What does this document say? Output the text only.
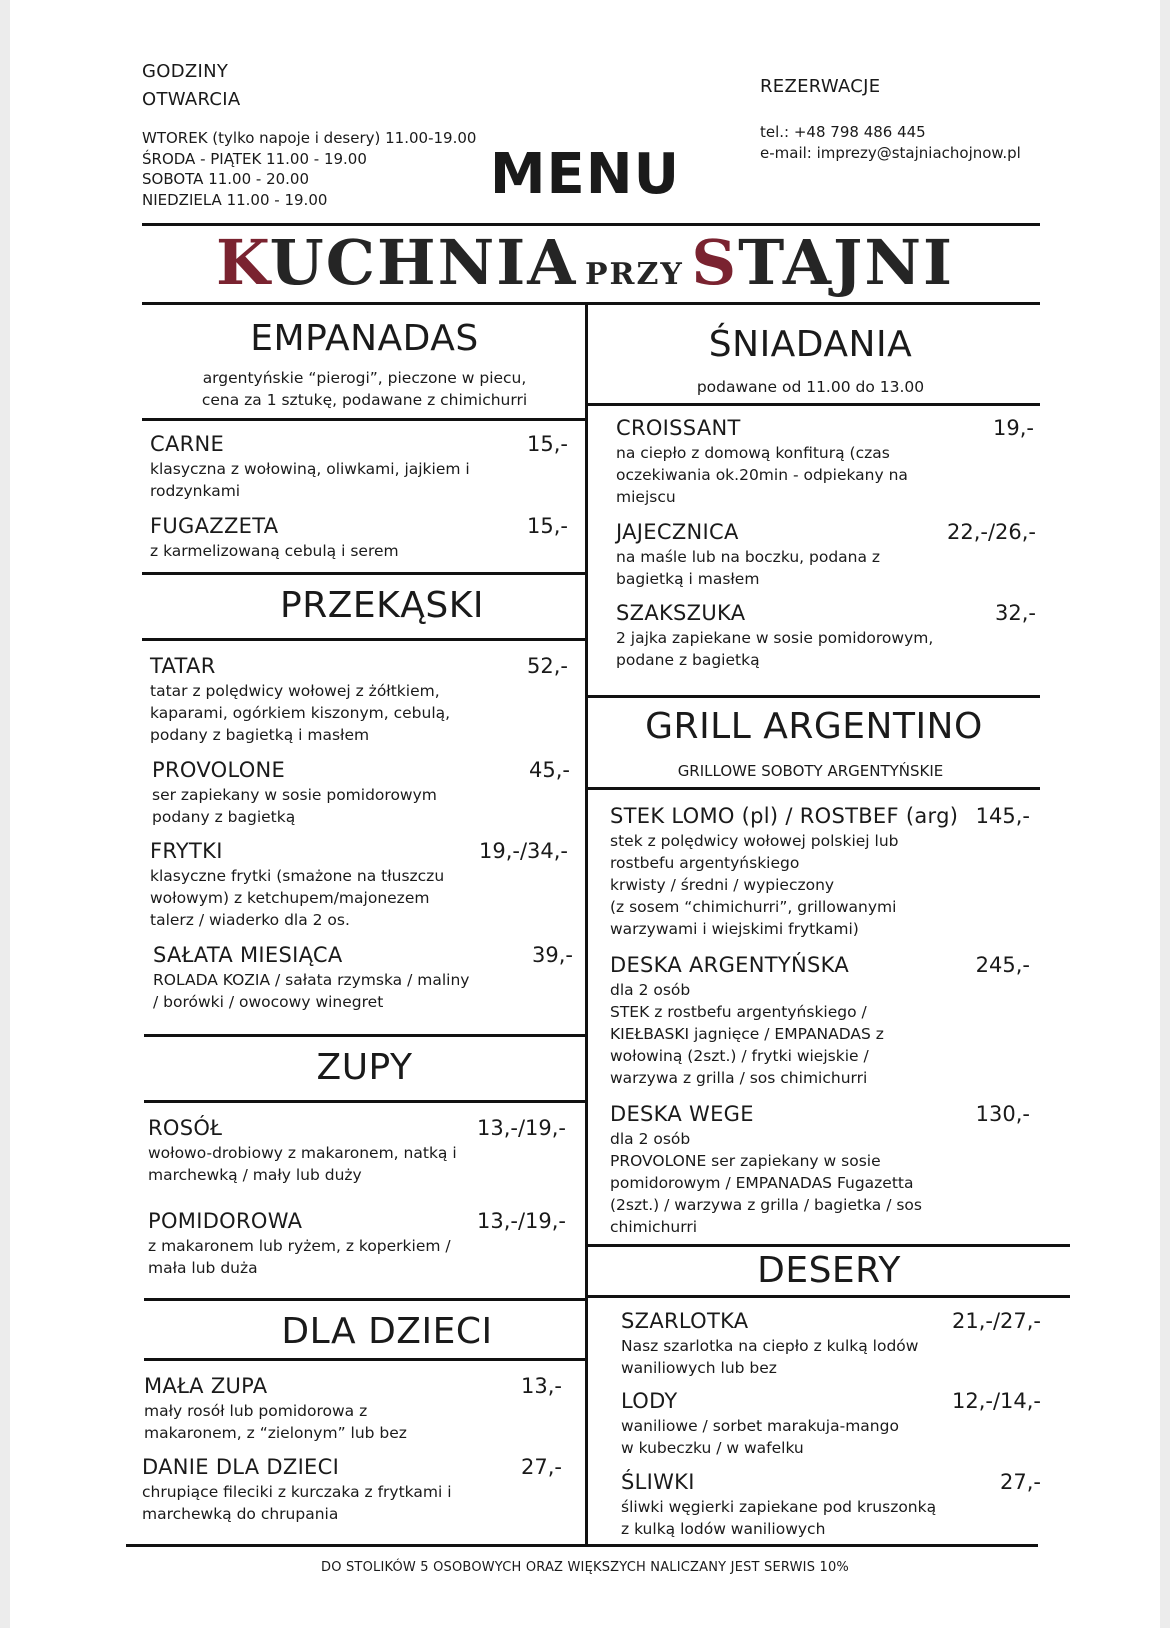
GODZINY
OTWARCIA
WTOREK (tylko napoje i desery) 11.00-19.00
ŚRODA - PIĄTEK 11.00 - 19.00
SOBOTA 11.00 - 20.00
NIEDZIELA 11.00 - 19.00
REZERWACJE
tel.: +48 798 486 445
e-mail: imprezy@stajniachojnow.pl
MENU
KUCHNIA PRZY STAJNI
EMPANADAS
argentyńskie “pierogi”, pieczone w piecu,
cena za 1 sztukę, podawane z chimichurri
CARNE	15,-
klasyczna z wołowiną, oliwkami, jajkiem i
rodzynkami
FUGAZZETA	15,-
z karmelizowaną cebulą i serem
PRZEKĄSKI
TATAR	52,-
tatar z polędwicy wołowej z żółtkiem,
kaparami, ogórkiem kiszonym, cebulą,
podany z bagietką i masłem
PROVOLONE	45,-
ser zapiekany w sosie pomidorowym
podany z bagietką
FRYTKI	19,-/34,-
klasyczne frytki (smażone na tłuszczu
wołowym) z ketchupem/majonezem
talerz / wiaderko dla 2 os.
SAŁATA MIESIĄCA	39,-
ROLADA KOZIA / sałata rzymska / maliny
/ borówki / owocowy winegret
ZUPY
ROSÓŁ	13,-/19,-
wołowo-drobiowy z makaronem, natką i
marchewką / mały lub duży
POMIDOROWA	13,-/19,-
z makaronem lub ryżem, z koperkiem /
mała lub duża
DLA DZIECI
MAŁA ZUPA	13,-
mały rosół lub pomidorowa z
makaronem, z “zielonym” lub bez
DANIE DLA DZIECI	27,-
chrupiące fileciki z kurczaka z frytkami i
marchewką do chrupania
ŚNIADANIA
podawane od 11.00 do 13.00
CROISSANT	19,-
na ciepło z domową konfiturą (czas
oczekiwania ok.20min - odpiekany na
miejscu
JAJECZNICA	22,-/26,-
na maśle lub na boczku, podana z
bagietką i masłem
SZAKSZUKA	32,-
2 jajka zapiekane w sosie pomidorowym,
podane z bagietką
GRILL ARGENTINO
GRILLOWE SOBOTY ARGENTYŃSKIE
STEK LOMO (pl) / ROSTBEF (arg) 145,-
stek z polędwicy wołowej polskiej lub
rostbefu argentyńskiego
krwisty / średni / wypieczony
(z sosem “chimichurri”, grillowanymi
warzywami i wiejskimi frytkami)
DESKA ARGENTYŃSKA	245,-
dla 2 osób
STEK z rostbefu argentyńskiego /
KIEŁBASKI jagnięce / EMPANADAS z
wołowiną (2szt.) / frytki wiejskie /
warzywa z grilla / sos chimichurri
DESKA WEGE	130,-
dla 2 osób
PROVOLONE ser zapiekany w sosie
pomidorowym / EMPANADAS Fugazetta
(2szt.) / warzywa z grilla / bagietka / sos
chimichurri
DESERY
SZARLOTKA	21,-/27,-
Nasz szarlotka na ciepło z kulką lodów
waniliowych lub bez
LODY	12,-/14,-
waniliowe / sorbet marakuja-mango
w kubeczku / w wafelku
ŚLIWKI	27,-
śliwki węgierki zapiekane pod kruszonką
z kulką lodów waniliowych
DO STOLIKÓW 5 OSOBOWYCH ORAZ WIĘKSZYCH NALICZANY JEST SERWIS 10%
